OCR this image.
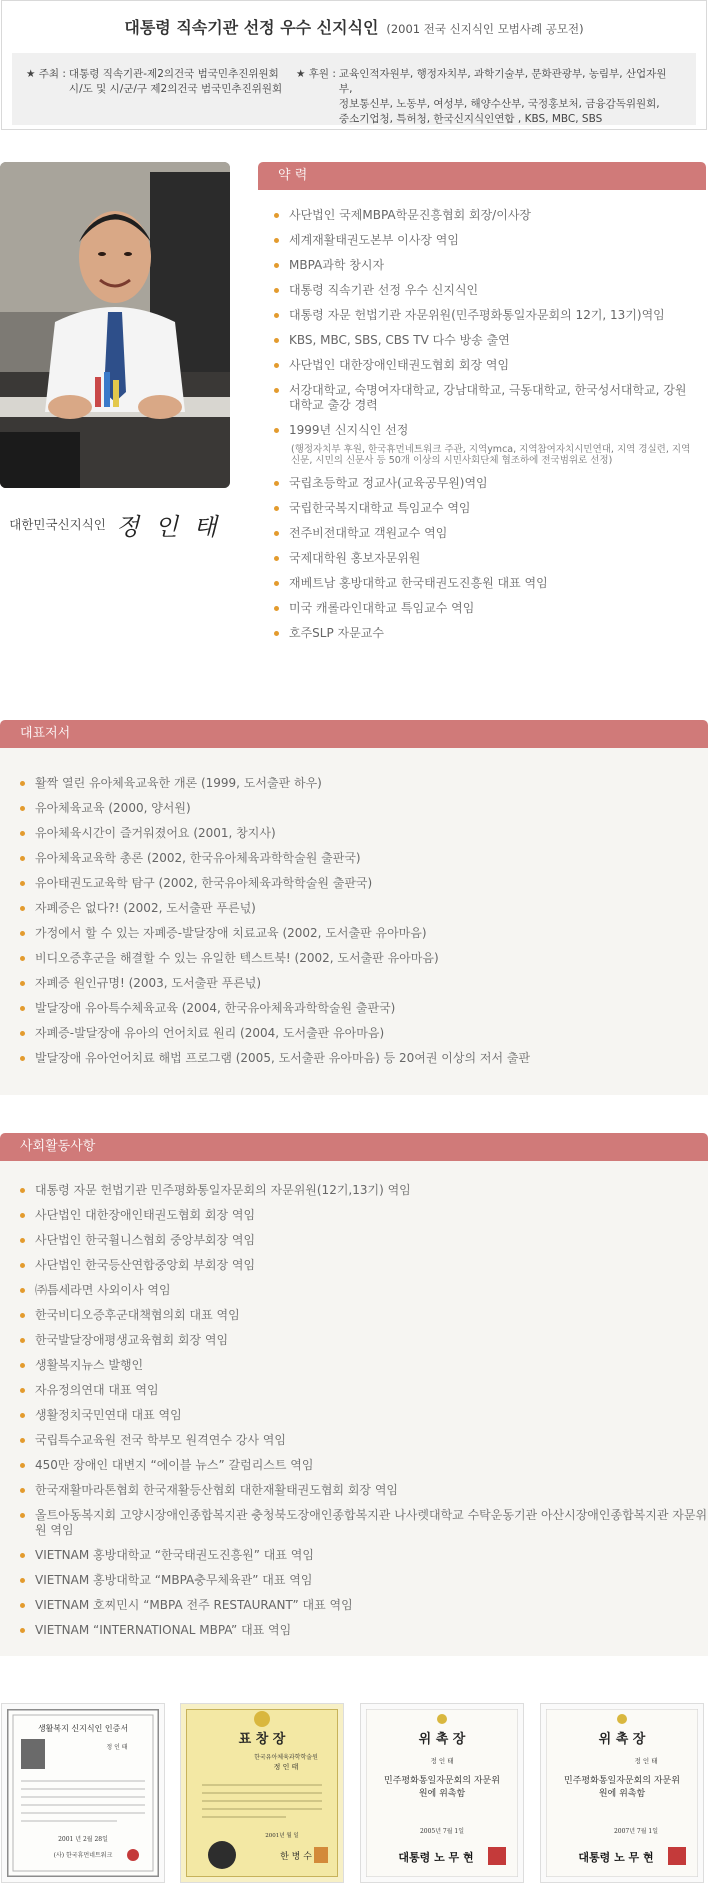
대통령 직속기관 선정 우수 신지식인 (2001 전국 신지식인 모범사례 공모전)
★ 주최 : 대통령 직속기관-제2의건국 범국민추진위원회
시/도 및 시/군/구 제2의건국 범국민추진위원회
★ 후원 : 교육인적자원부, 행정자치부, 과학기술부, 문화관광부, 농림부, 산업자원부,
정보통신부, 노동부, 여성부, 해양수산부, 국정홍보처, 금융감독위원회,
중소기업청, 특허청, 한국신지식인연합 , KBS, MBC, SBS
대한민국신지식인 정 인 태
약 력
사단법인 국제MBPA학문진흥협회 회장/이사장
세계재활태권도본부 이사장 역임
MBPA과학 창시자
대통령 직속기관 선정 우수 신지식인
대통령 자문 헌법기관 자문위원(민주평화통일자문회의 12기, 13기)역임
KBS, MBC, SBS, CBS TV 다수 방송 출연
사단법인 대한장애인태권도협회 회장 역임
서강대학교, 숙명여자대학교, 강남대학교, 극동대학교, 한국성서대학교, 강원대학교 출강 경력
1999년 신지식인 선정
(행정자치부 후원, 한국휴먼네트워크 주관, 지역ymca, 지역참여자치시민연대, 지역 경실련, 지역신문, 시민의 신문사 등 50개 이상의 시민사회단체 협조하에 전국범위로 선정)
국립초등학교 정교사(교육공무원)역임
국립한국복지대학교 특임교수 역임
전주비전대학교 객원교수 역임
국제대학원 홍보자문위원
재베트남 홍방대학교 한국태권도진흥원 대표 역임
미국 캐롤라인대학교 특임교수 역임
호주SLP 자문교수
대표저서
활짝 열린 유아체육교육한 개론 (1999, 도서출판 하우)
유아체육교육 (2000, 양서원)
유아체육시간이 즐거워졌어요 (2001, 창지사)
유아체육교육학 총론 (2002, 한국유아체육과학학술원 출판국)
유아태권도교육학 탐구 (2002, 한국유아체육과학학술원 출판국)
자폐증은 없다?! (2002, 도서출판 푸른넋)
가정에서 할 수 있는 자폐증-발달장애 치료교육 (2002, 도서출판 유아마음)
비디오증후군을 해결할 수 있는 유일한 텍스트북! (2002, 도서출판 유아마음)
자폐증 원인규명! (2003, 도서출판 푸른넋)
발달장애 유아특수체육교육 (2004, 한국유아체육과학학술원 출판국)
자폐증-발달장애 유아의 언어치료 원리 (2004, 도서출판 유아마음)
발달장애 유아언어치료 해법 프로그램 (2005, 도서출판 유아마음) 등 20여권 이상의 저서 출판
사회활동사항
대통령 자문 헌법기관 민주평화통일자문회의 자문위원(12기,13기) 역임
사단법인 대한장애인태권도협회 회장 역임
사단법인 한국휠니스협회 중앙부회장 역임
사단법인 한국등산연합중앙회 부회장 역임
㈜틈세라면 사외이사 역임
한국비디오증후군대책협의회 대표 역임
한국발달장애평생교육협회 회장 역임
생활복지뉴스 발행인
자유정의연대 대표 역임
생활정치국민연대 대표 역임
국립특수교육원 전국 학부모 원격연수 강사 역임
450만 장애인 대변지 “에이블 뉴스” 갈럼리스트 역임
한국재활마라톤협회 한국재활등산협회 대한재활태권도협회 회장 역임
올트아동복지회 고양시장애인종합복지관 충청북도장애인종합복지관 나사렛대학교 수탁운동기관 아산시장애인종합복지관 자문위원 역임
VIETNAM 홍방대학교 “한국태권도진흥원” 대표 역임
VIETNAM 홍방대학교 “MBPA충무체육관” 대표 역임
VIETNAM 호찌민시 “MBPA 전주 RESTAURANT” 대표 역임
VIETNAM “INTERNATIONAL MBPA” 대표 역임
생활복지 신지식인 인증서
정 인 태
2001 년 2월 28일
(사) 한국휴먼네트워크
표 창 장
한국유아체육과학학술원
정 인 태
2001년 월 일
한 병 수
위 촉 장
정 인 태
민주평화통일자문회의 자문위원에 위촉함
2005년 7월 1일
대통령 노 무 현
위 촉 장
정 인 태
민주평화통일자문회의 자문위원에 위촉함
2007년 7월 1일
대통령 노 무 현
